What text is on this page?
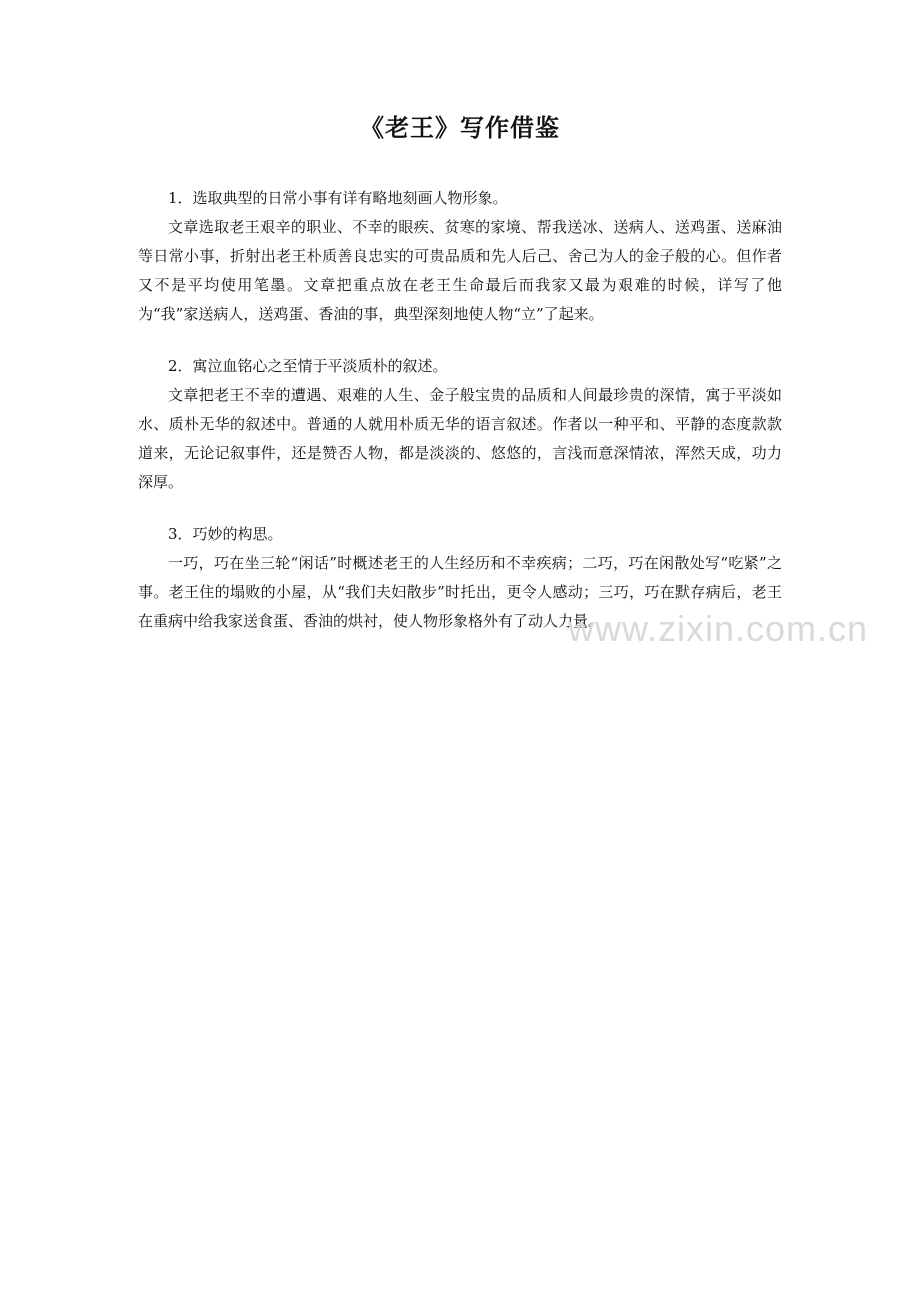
《老王》写作借鉴

1．选取典型的日常小事有详有略地刻画人物形象。

文章选取老王艰辛的职业、不幸的眼疾、贫寒的家境、帮我送冰、送病人、送鸡蛋、送麻油等日常小事，折射出老王朴质善良忠实的可贵品质和先人后己、舍己为人的金子般的心。但作者又不是平均使用笔墨。文章把重点放在老王生命最后而我家又最为艰难的时候，详写了他为“我”家送病人，送鸡蛋、香油的事，典型深刻地使人物“立”了起来。

2．寓泣血铭心之至情于平淡质朴的叙述。

文章把老王不幸的遭遇、艰难的人生、金子般宝贵的品质和人间最珍贵的深情，寓于平淡如水、质朴无华的叙述中。普通的人就用朴质无华的语言叙述。作者以一种平和、平静的态度款款道来，无论记叙事件，还是赞否人物，都是淡淡的、悠悠的，言浅而意深情浓，浑然天成，功力深厚。

3．巧妙的构思。

一巧，巧在坐三轮“闲话”时概述老王的人生经历和不幸疾病；二巧，巧在闲散处写“吃紧”之事。老王住的塌败的小屋，从“我们夫妇散步”时托出，更令人感动；三巧，巧在默存病后，老王在重病中给我家送食蛋、香油的烘衬，使人物形象格外有了动人力量。

www.zixin.com.cn
